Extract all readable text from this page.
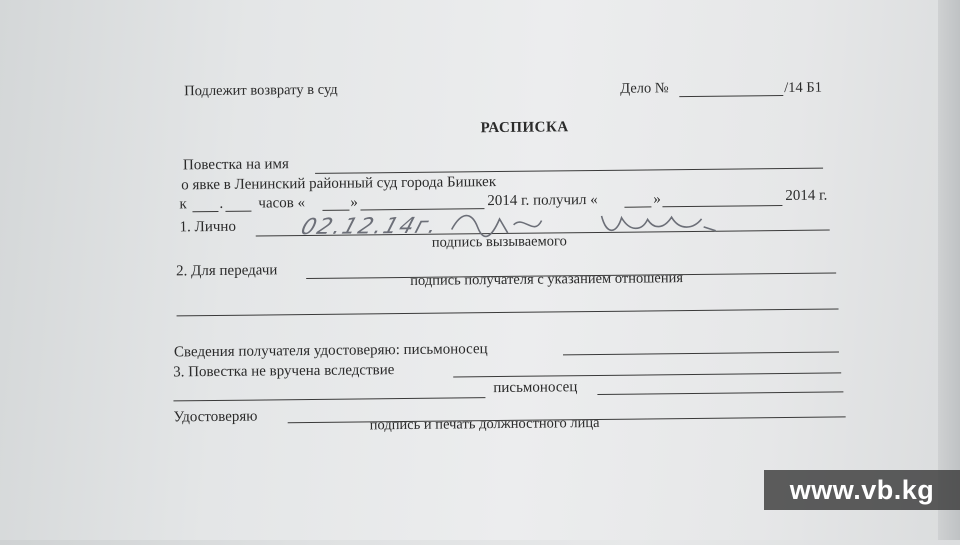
Подлежит возврату в суд	Дело №	/14 Б1
РАСПИСКА
Повестка на имя
о явке в Ленинский районный суд города Бишкек
к . часов «	»	2014 г. получил «	»	2014 г.
1. Лично	02.12.14г.
подпись вызываемого
2. Для передачи	подпись получателя с указанием отношения
Сведения получателя удостоверяю: письмоносец
3. Повестка не вручена вследствие
письмоносец
Удостоверяю	подпись и печать должностного лица
www.vb.kg
